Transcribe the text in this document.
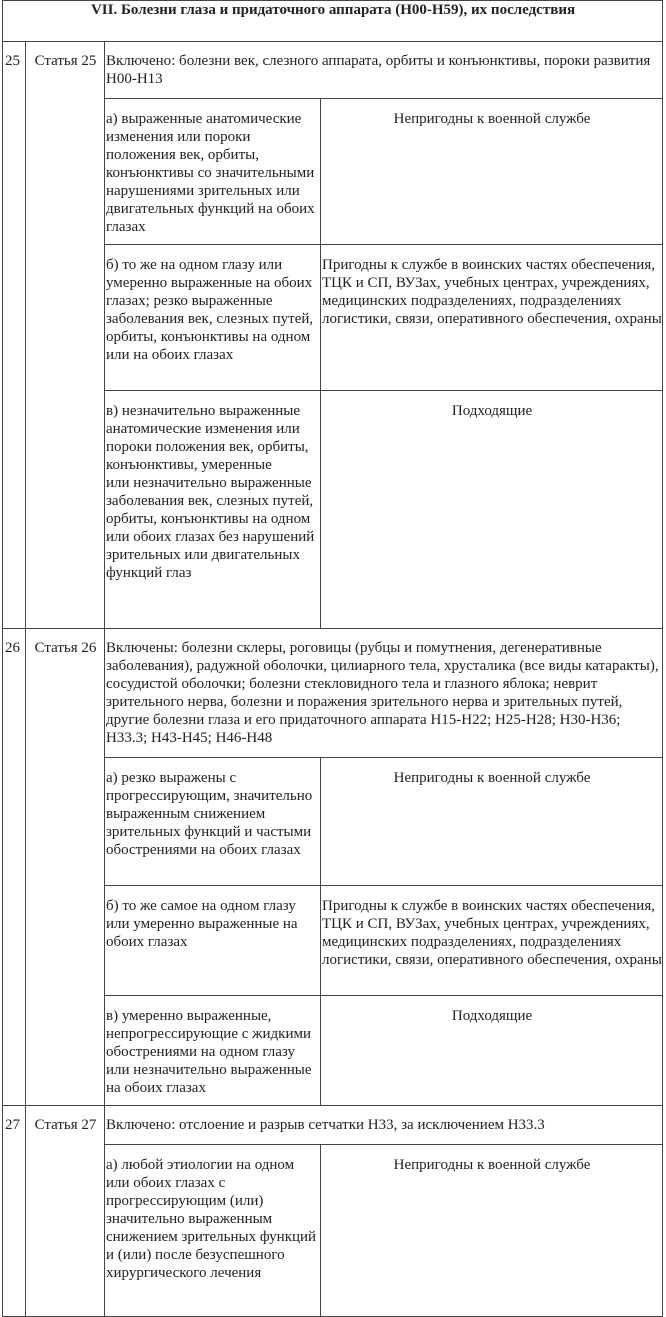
VII. Болезни глаза и придаточного аппарата (H00-H59), их последствия			
25	Статья 25	Включено: болезни век, слезного аппарата, орбиты и конъюнктивы, пороки развития H00-H13	
		а) выраженные анатомические изменения или пороки положения век, орбиты, конъюнктивы со значительными нарушениями зрительных или двигательных функций на обоих глазах	Непригодны к военной службе
		б) то же на одном глазу или умеренно выраженные на обоих глазах; резко выраженные заболевания век, слезных путей, орбиты, конъюнктивы на одном или на обоих глазах	Пригодны к службе в воинских частях обеспечения, ТЦК и СП, ВУЗах, учебных центрах, учреждениях, медицинских подразделениях, подразделениях логистики, связи, оперативного обеспечения, охраны
		в) незначительно выраженные анатомические изменения или пороки положения век, орбиты, конъюнктивы, умеренные
или незначительно выраженные заболевания век, слезных путей, орбиты, конъюнктивы на одном или обоих глазах без нарушений зрительных или двигательных функций глаз	Подходящие
26	Статья 26	Включены: болезни склеры, роговицы (рубцы и помутнения, дегенеративные заболевания), радужной оболочки, цилиарного тела, хрусталика (все виды катаракты), сосудистой оболочки; болезни стекловидного тела и глазного яблока; неврит зрительного нерва, болезни и поражения зрительного нерва и зрительных путей, другие болезни глаза и его придаточного аппарата H15-H22; H25-H28; H30-H36; H33.3; H43-H45; H46-H48	
		а) резко выражены с прогрессирующим, значительно выраженным снижением зрительных функций и частыми обострениями на обоих глазах	Непригодны к военной службе
		б) то же самое на одном глазу или умеренно выраженные на обоих глазах	Пригодны к службе в воинских частях обеспечения, ТЦК и СП, ВУЗах, учебных центрах, учреждениях, медицинских подразделениях, подразделениях логистики, связи, оперативного обеспечения, охраны
		в) умеренно выраженные, непрогрессирующие с жидкими обострениями на одном глазу или незначительно выраженные на обоих глазах	Подходящие
27	Статья 27	Включено: отслоение и разрыв сетчатки H33, за исключением H33.3	
		а) любой этиологии на одном или обоих глазах с прогрессирующим (или) значительно выраженным снижением зрительных функций и (или) после безуспешного хирургического лечения	Непригодны к военной службе
